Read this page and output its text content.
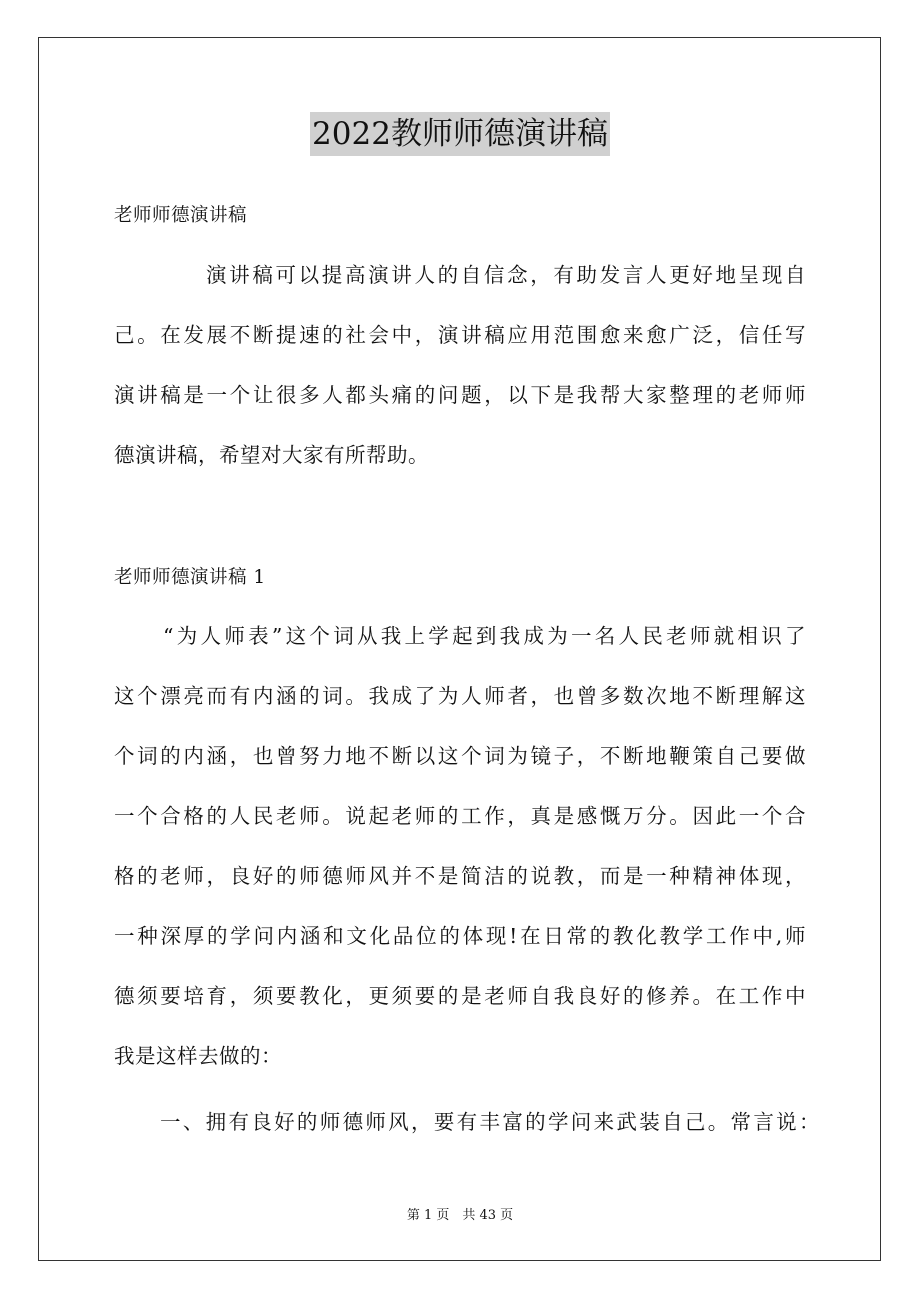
2022教师师德演讲稿
老师师德演讲稿
演讲稿可以提高演讲人的自信念，有助发言人更好地呈现自
己。在发展不断提速的社会中，演讲稿应用范围愈来愈广泛，信任写
演讲稿是一个让很多人都头痛的问题，以下是我帮大家整理的老师师
德演讲稿，希望对大家有所帮助。
老师师德演讲稿 1
“为人师表”这个词从我上学起到我成为一名人民老师就相识了
这个漂亮而有内涵的词。我成了为人师者，也曾多数次地不断理解这
个词的内涵，也曾努力地不断以这个词为镜子，不断地鞭策自己要做
一个合格的人民老师。说起老师的工作，真是感慨万分。因此一个合
格的老师，良好的师德师风并不是简洁的说教，而是一种精神体现，
一种深厚的学问内涵和文化品位的体现!在日常的教化教学工作中,师
德须要培育，须要教化，更须要的是老师自我良好的修养。在工作中
我是这样去做的：
一、拥有良好的师德师风，要有丰富的学问来武装自己。常言说：
第 1 页　共 43 页
